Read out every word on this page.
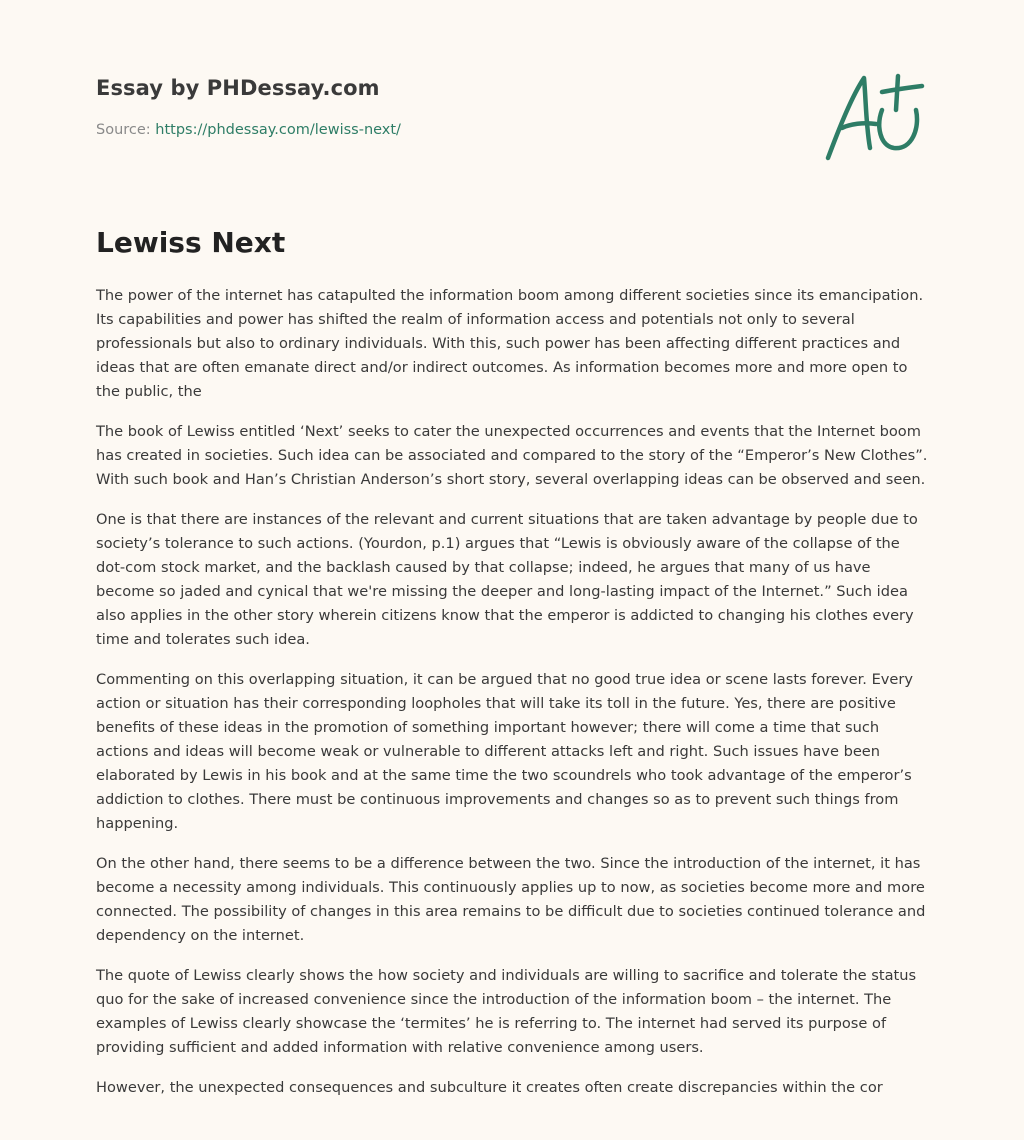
Essay by PHDessay.com
Source: https://phdessay.com/lewiss-next/
Lewiss Next

The power of the internet has catapulted the information boom among different societies since its emancipation. Its capabilities and power has shifted the realm of information access and potentials not only to several professionals but also to ordinary individuals. With this, such power has been affecting different practices and ideas that are often emanate direct and/or indirect outcomes. As information becomes more and more open to the public, the

The book of Lewiss entitled ‘Next’ seeks to cater the unexpected occurrences and events that the Internet boom has created in societies. Such idea can be associated and compared to the story of the “Emperor’s New Clothes”. With such book and Han’s Christian Anderson’s short story, several overlapping ideas can be observed and seen.

One is that there are instances of the relevant and current situations that are taken advantage by people due to society’s tolerance to such actions. (Yourdon, p.1) argues that “Lewis is obviously aware of the collapse of the dot-com stock market, and the backlash caused by that collapse; indeed, he argues that many of us have become so jaded and cynical that we're missing the deeper and long-lasting impact of the Internet.” Such idea also applies in the other story wherein citizens know that the emperor is addicted to changing his clothes every time and tolerates such idea.

Commenting on this overlapping situation, it can be argued that no good true idea or scene lasts forever. Every action or situation has their corresponding loopholes that will take its toll in the future. Yes, there are positive benefits of these ideas in the promotion of something important however; there will come a time that such actions and ideas will become weak or vulnerable to different attacks left and right. Such issues have been elaborated by Lewis in his book and at the same time the two scoundrels who took advantage of the emperor’s addiction to clothes. There must be continuous improvements and changes so as to prevent such things from happening.

On the other hand, there seems to be a difference between the two. Since the introduction of the internet, it has become a necessity among individuals. This continuously applies up to now, as societies become more and more connected. The possibility of changes in this area remains to be difficult due to societies continued tolerance and dependency on the internet.

The quote of Lewiss clearly shows the how society and individuals are willing to sacrifice and tolerate the status quo for the sake of increased convenience since the introduction of the information boom – the internet. The examples of Lewiss clearly showcase the ‘termites’ he is referring to. The internet had served its purpose of providing sufficient and added information with relative convenience among users.

However, the unexpected consequences and subculture it creates often create discrepancies within the cor
